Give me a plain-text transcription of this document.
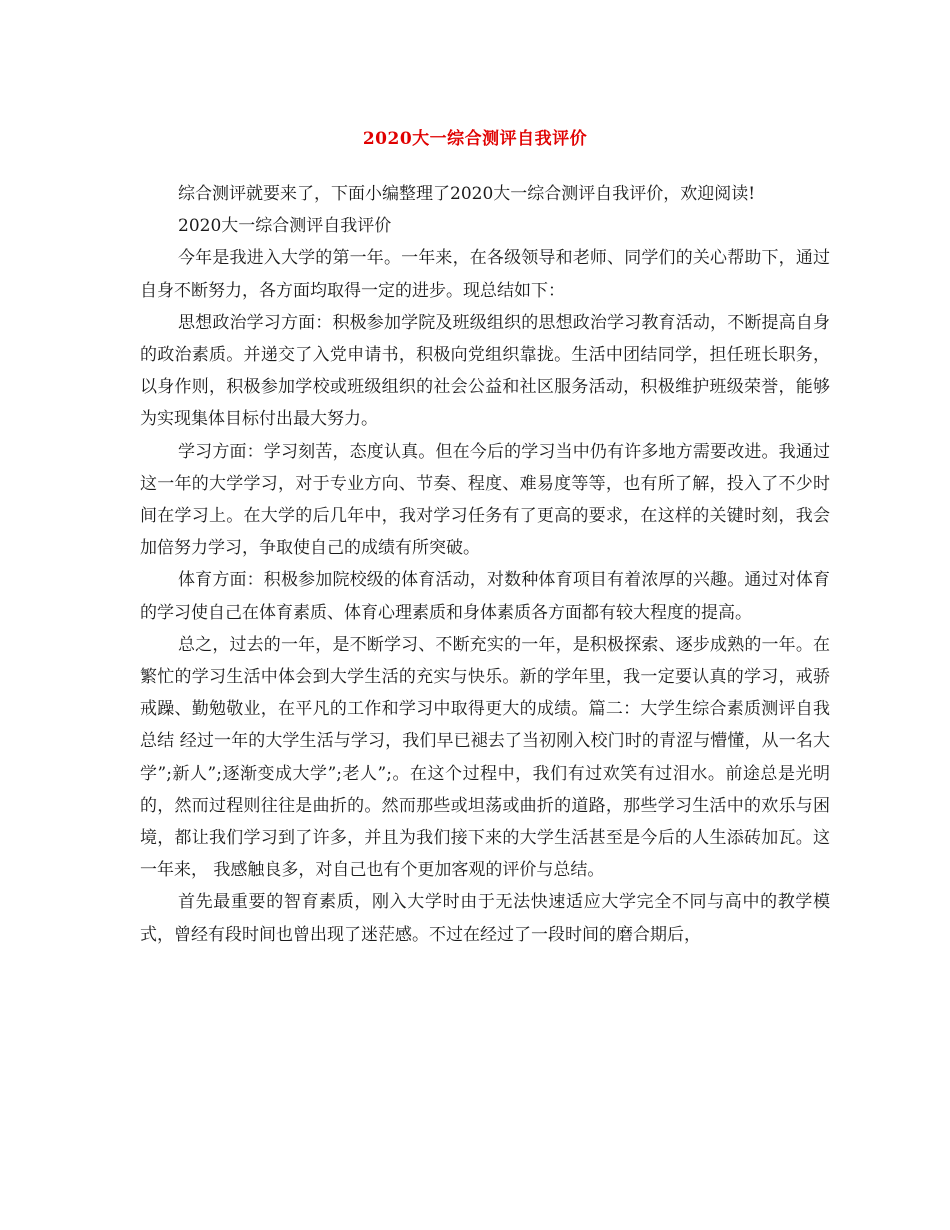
2020大一综合测评自我评价

综合测评就要来了，下面小编整理了2020大一综合测评自我评价，欢迎阅读!

2020大一综合测评自我评价

今年是我进入大学的第一年。一年来，在各级领导和老师、同学们的关心帮助下，通过自身不断努力，各方面均取得一定的进步。现总结如下：

思想政治学习方面：积极参加学院及班级组织的思想政治学习教育活动，不断提高自身的政治素质。并递交了入党申请书，积极向党组织靠拢。生活中团结同学，担任班长职务，以身作则，积极参加学校或班级组织的社会公益和社区服务活动，积极维护班级荣誉，能够为实现集体目标付出最大努力。

学习方面：学习刻苦，态度认真。但在今后的学习当中仍有许多地方需要改进。我通过这一年的大学学习，对于专业方向、节奏、程度、难易度等等，也有所了解，投入了不少时间在学习上。在大学的后几年中，我对学习任务有了更高的要求，在这样的关键时刻，我会加倍努力学习，争取使自己的成绩有所突破。

体育方面：积极参加院校级的体育活动，对数种体育项目有着浓厚的兴趣。通过对体育的学习使自己在体育素质、体育心理素质和身体素质各方面都有较大程度的提高。

总之，过去的一年，是不断学习、不断充实的一年，是积极探索、逐步成熟的一年。在繁忙的学习生活中体会到大学生活的充实与快乐。新的学年里，我一定要认真的学习，戒骄戒躁、勤勉敬业，在平凡的工作和学习中取得更大的成绩。篇二：大学生综合素质测评自我总结 经过一年的大学生活与学习，我们早已褪去了当初刚入校门时的青涩与懵懂，从一名大学”;新人”;逐渐变成大学”;老人”;。在这个过程中，我们有过欢笑有过泪水。前途总是光明的，然而过程则往往是曲折的。然而那些或坦荡或曲折的道路，那些学习生活中的欢乐与困境，都让我们学习到了许多，并且为我们接下来的大学生活甚至是今后的人生添砖加瓦。这一年来， 我感触良多，对自己也有个更加客观的评价与总结。

首先最重要的智育素质，刚入大学时由于无法快速适应大学完全不同与高中的教学模式，曾经有段时间也曾出现了迷茫感。不过在经过了一段时间的磨合期后，
